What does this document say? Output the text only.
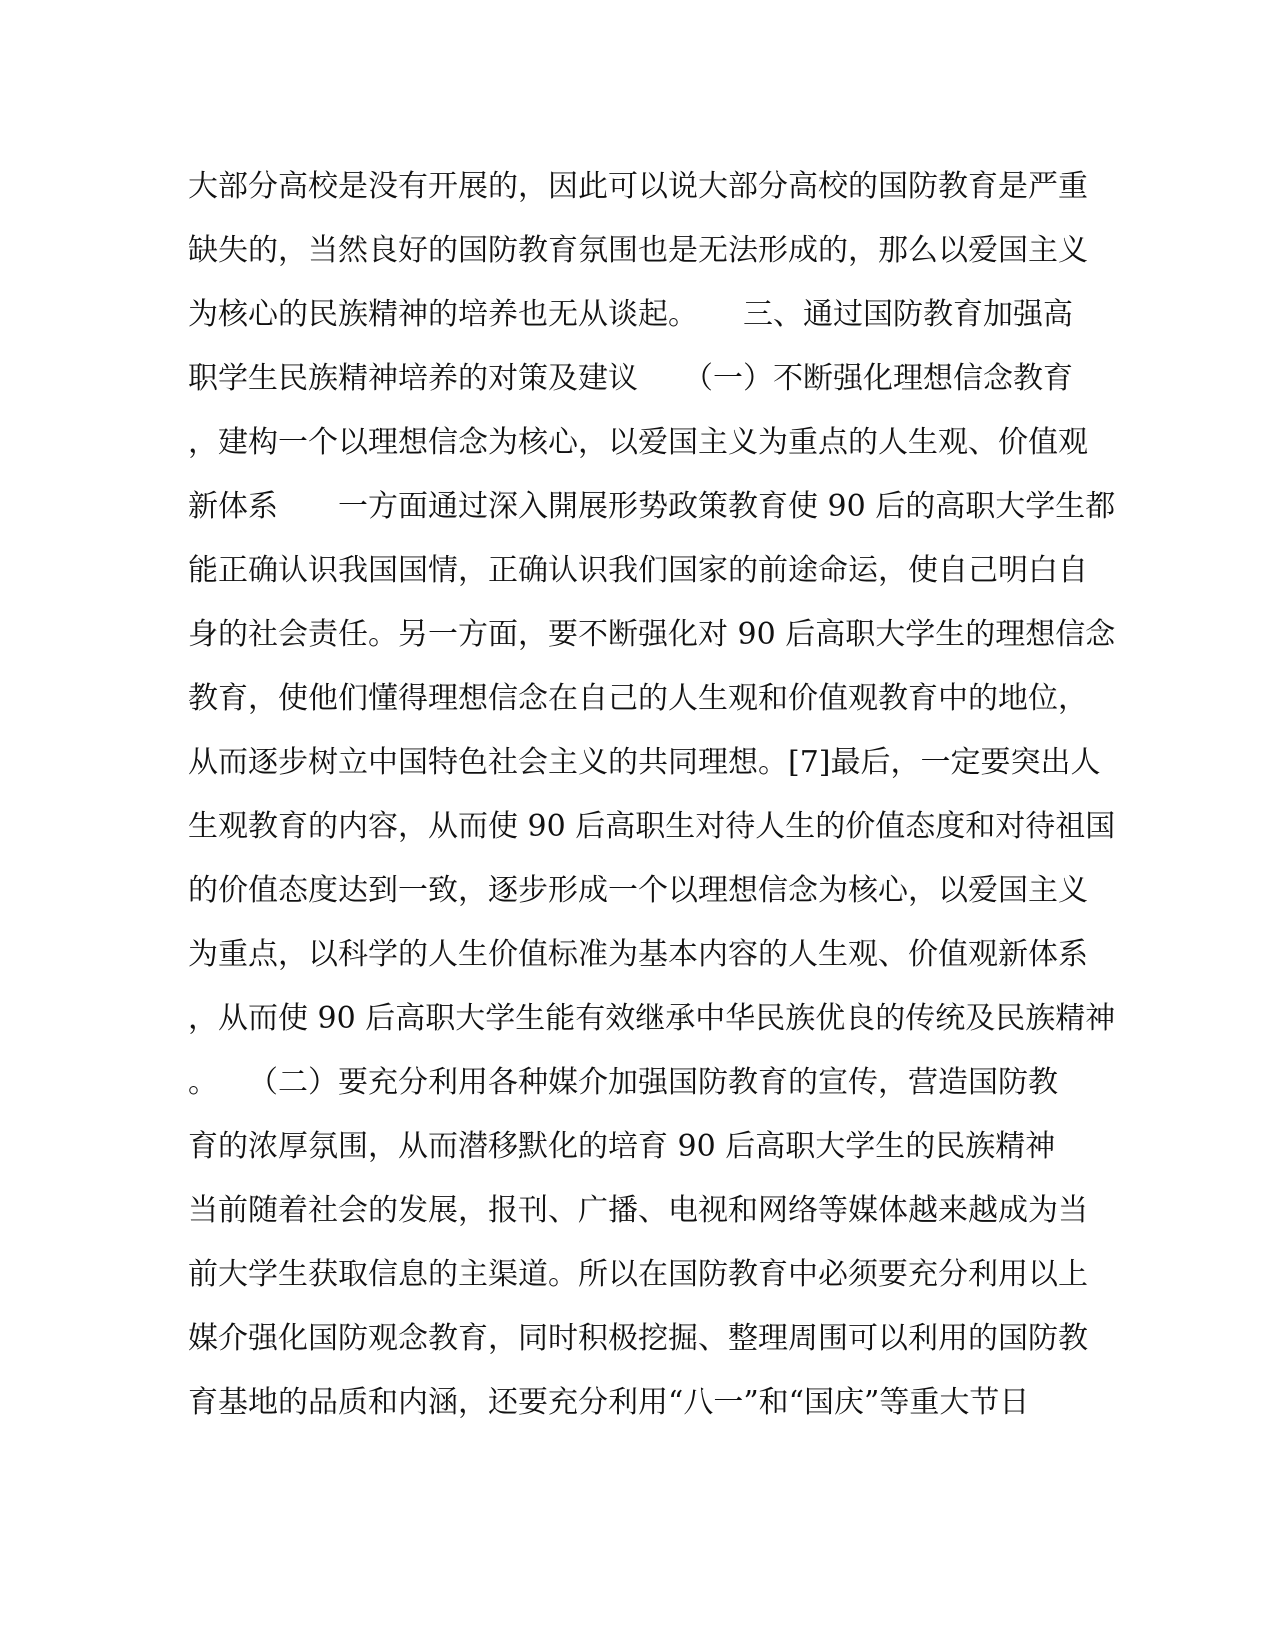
大部分高校是没有开展的，因此可以说大部分高校的国防教育是严重
缺失的，当然良好的国防教育氛围也是无法形成的，那么以爱国主义
为核心的民族精神的培养也无从谈起。　　三、通过国防教育加强高
职学生民族精神培养的对策及建议　　（一）不断强化理想信念教育
，建构一个以理想信念为核心，以爱国主义为重点的人生观、价值观
新体系　　一方面通过深入開展形势政策教育使 90 后的高职大学生都
能正确认识我国国情，正确认识我们国家的前途命运，使自己明白自
身的社会责任。另一方面，要不断强化对 90 后高职大学生的理想信念
教育，使他们懂得理想信念在自己的人生观和价值观教育中的地位，
从而逐步树立中国特色社会主义的共同理想。[7]最后，一定要突出人
生观教育的内容，从而使 90 后高职生对待人生的价值态度和对待祖国
的价值态度达到一致，逐步形成一个以理想信念为核心，以爱国主义
为重点，以科学的人生价值标准为基本内容的人生观、价值观新体系
，从而使 90 后高职大学生能有效继承中华民族优良的传统及民族精神
。　　（二）要充分利用各种媒介加强国防教育的宣传，营造国防教
育的浓厚氛围，从而潜移默化的培育 90 后高职大学生的民族精神
当前随着社会的发展，报刊、广播、电视和网络等媒体越来越成为当
前大学生获取信息的主渠道。所以在国防教育中必须要充分利用以上
媒介强化国防观念教育，同时积极挖掘、整理周围可以利用的国防教
育基地的品质和内涵，还要充分利用“八一”和“国庆”等重大节日
